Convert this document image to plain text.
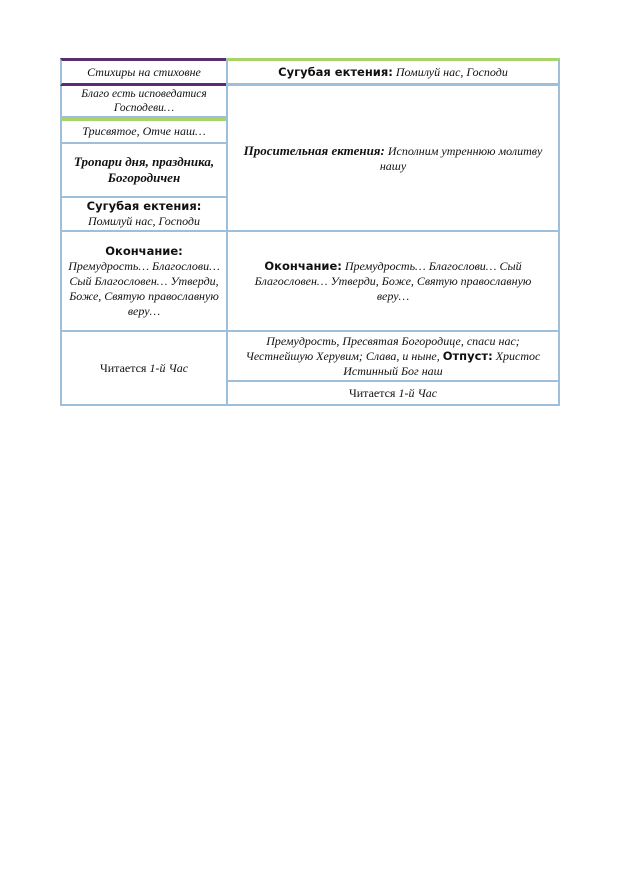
Стихиры на стиховне
Благо есть исповедатися Господеви…
Трисвятое, Отче наш…
Тропари дня, праздника, Богородичен

Сугубая ектения:

Помилуй нас, Господи

Окончание:

Премудрость… Благослови… Сый Благословен… Утверди, Боже, Святую православную веру…

Читается 1-й Час

Сугубая ектения: Помилуй нас, Господи

Просительная ектения: Исполним утреннюю молитву нашу

Окончание: Премудрость… Благослови… Сый Благословен… Утверди, Боже, Святую православную веру…

Премудрость, Пресвятая Богородице, спаси нас; Честнейшую Херувим; Слава, и ныне, Отпуст: Христос Истинный Бог наш

Читается 1-й Час
